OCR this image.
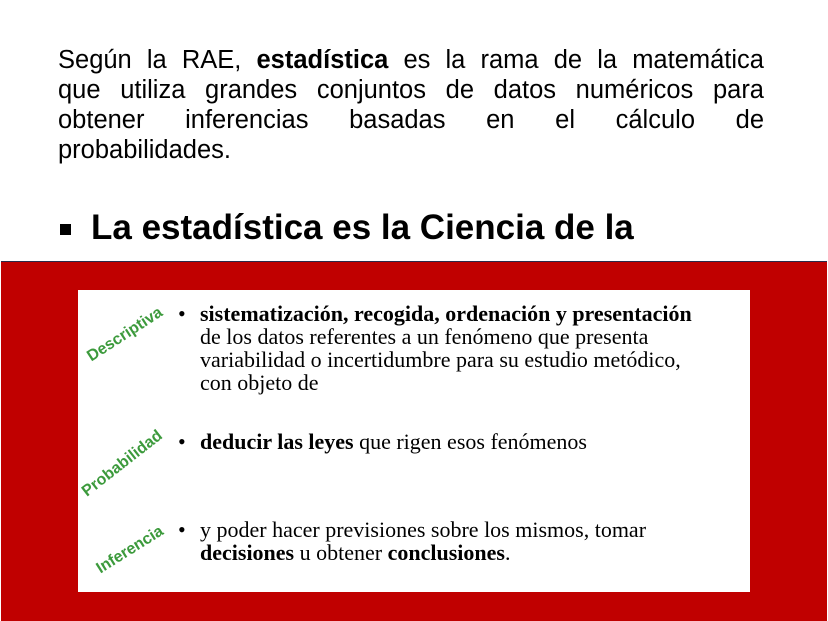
Según la RAE, estadística es la rama de la matemática
que utiliza grandes conjuntos de datos numéricos para
obtener inferencias basadas en el cálculo de
probabilidades.
La estadística es la Ciencia de la
Descriptiva • sistematización, recogida, ordenación y presentación
de los datos referentes a un fenómeno que presenta
variabilidad o incertidumbre para su estudio metódico,
con objeto de
Probabilidad • deducir las leyes que rigen esos fenómenos
Inferencia • y poder hacer previsiones sobre los mismos, tomar
decisiones u obtener conclusiones.
